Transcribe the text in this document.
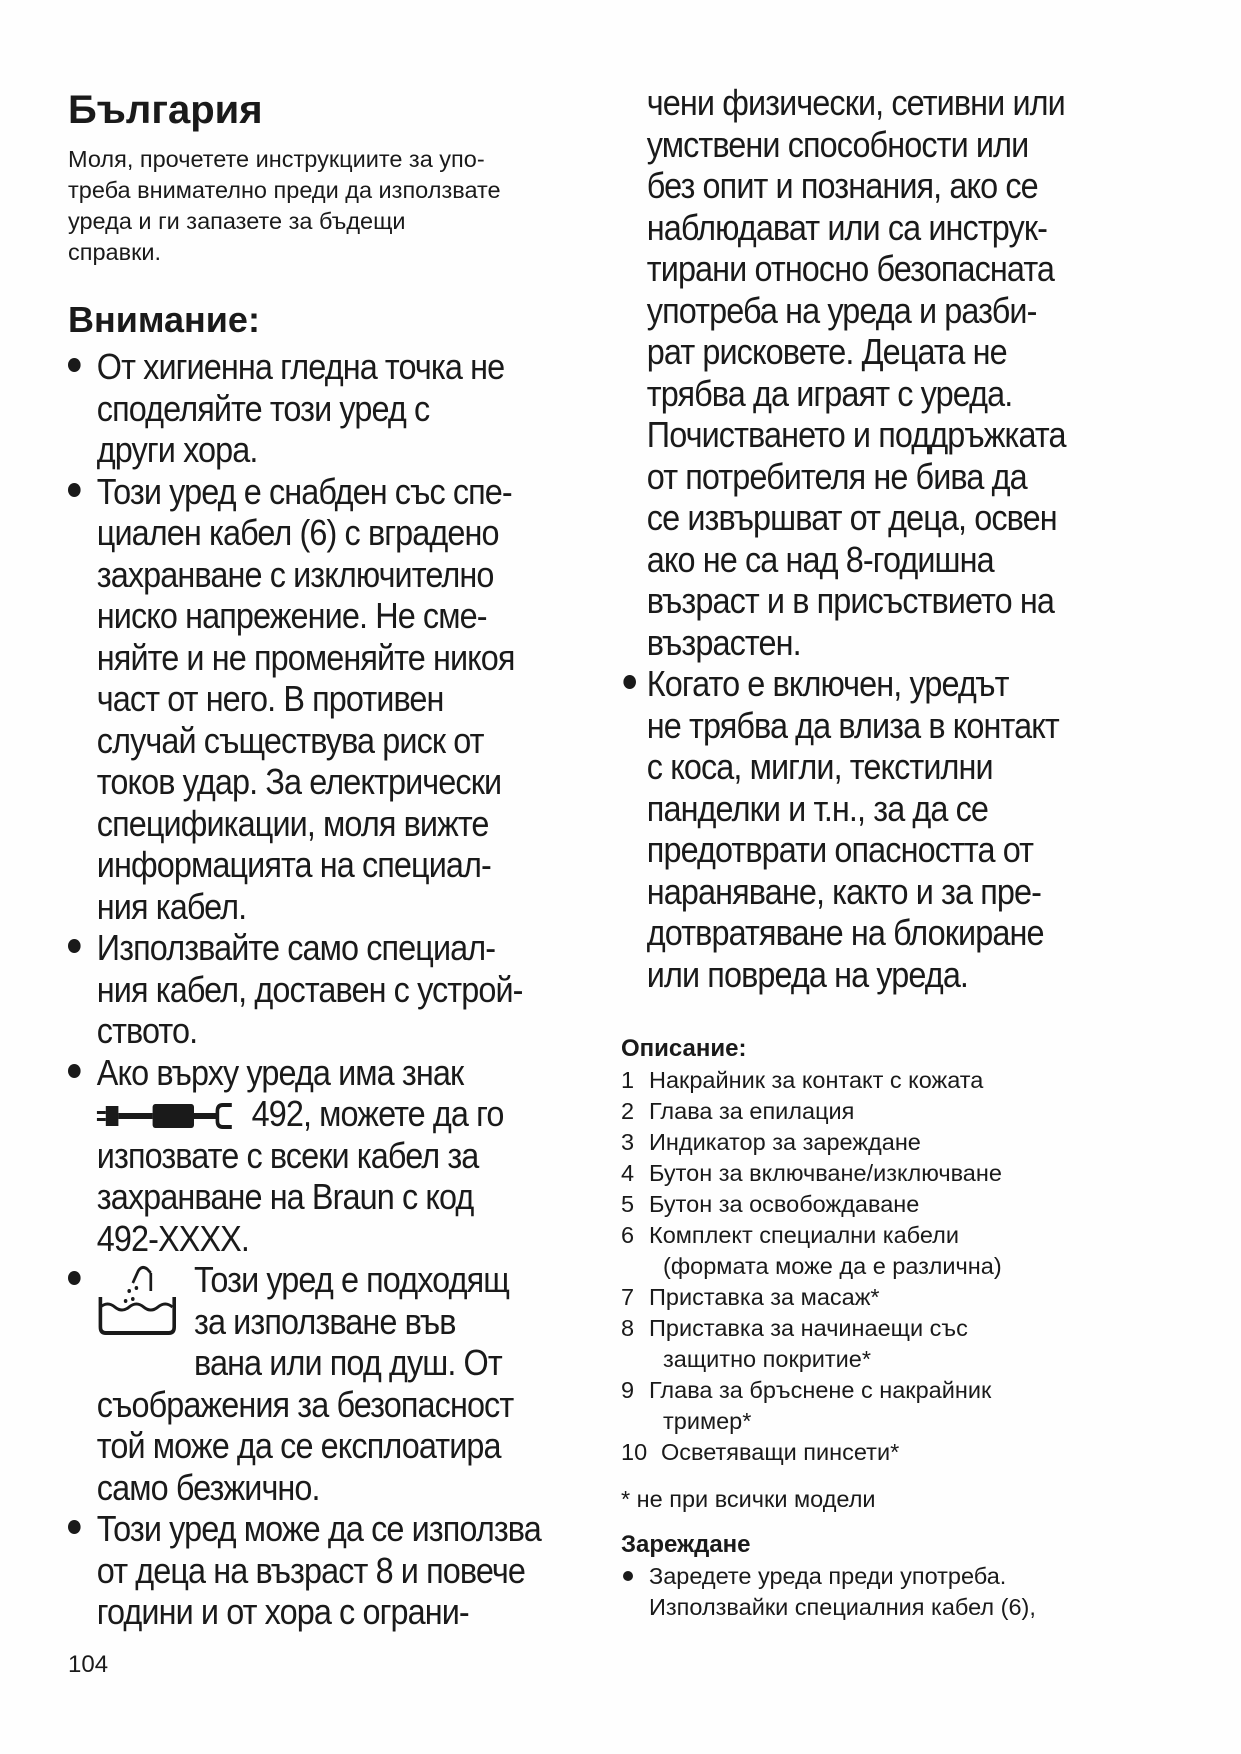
България

Моля, прочетете инструкциите за упо-
треба внимателно преди да използвате
уреда и ги запазете за бъдещи
справки.

Внимание:
От хигиенна гледна точка не
споделяйте този уред с
други хора.
Този уред е снабден със спе-
циален кабел (6) с вградено
захранване с изключително
ниско напрежение. Не сме-
няйте и не променяйте никоя
част от него. В противен
случай съществува риск от
токов удар. За електрически
спецификации, моля вижте
информацията на специал-
ния кабел.
Използвайте само специал-
ния кабел, доставен с устрой-
ството.
Ако върху уреда има знак
492, можете да го
изпозвате с всеки кабел за
захранване на Braun с код
492-XXXX.
Този уред е подходящ
за използване във
вана или под душ. От
съображения за безопасност
той може да се експлоатира
само безжично.
Този уред може да се използва
от деца на възраст 8 и повече
години и от хора с ограни-
104
чени физически, сетивни или
умствени способности или
без опит и познания, ако се
наблюдават или са инструк-
тирани относно безопасната
употреба на уреда и разби-
рат рисковете. Децата не
трябва да играят с уреда.
Почистването и поддръжката
от потребителя не бива да
се извършват от деца, освен
ако не са над 8-годишна
възраст и в присъствието на
възрастен.
Когато е включен, уредът
не трябва да влиза в контакт
с коса, мигли, текстилни
панделки и т.н., за да се
предотврати опасността от
нараняване, както и за пре-
дотвратяване на блокиране
или повреда на уреда.
Описание:
1 Накрайник за контакт с кожата
2 Глава за епилация
3 Индикатор за зареждане
4 Бутон за включване/изключване
5 Бутон за освобождаване
6 Комплект специални кабели
(формата може да е различна)
7 Приставка за масаж*
8 Приставка за начинаещи със
защитно покритие*
9 Глава за бръснене с накрайник
тример*
10 Осветяващи пинсети*
* не при всички модели
Зареждане
Заредете уреда преди употреба.
Използвайки специалния кабел (6),
